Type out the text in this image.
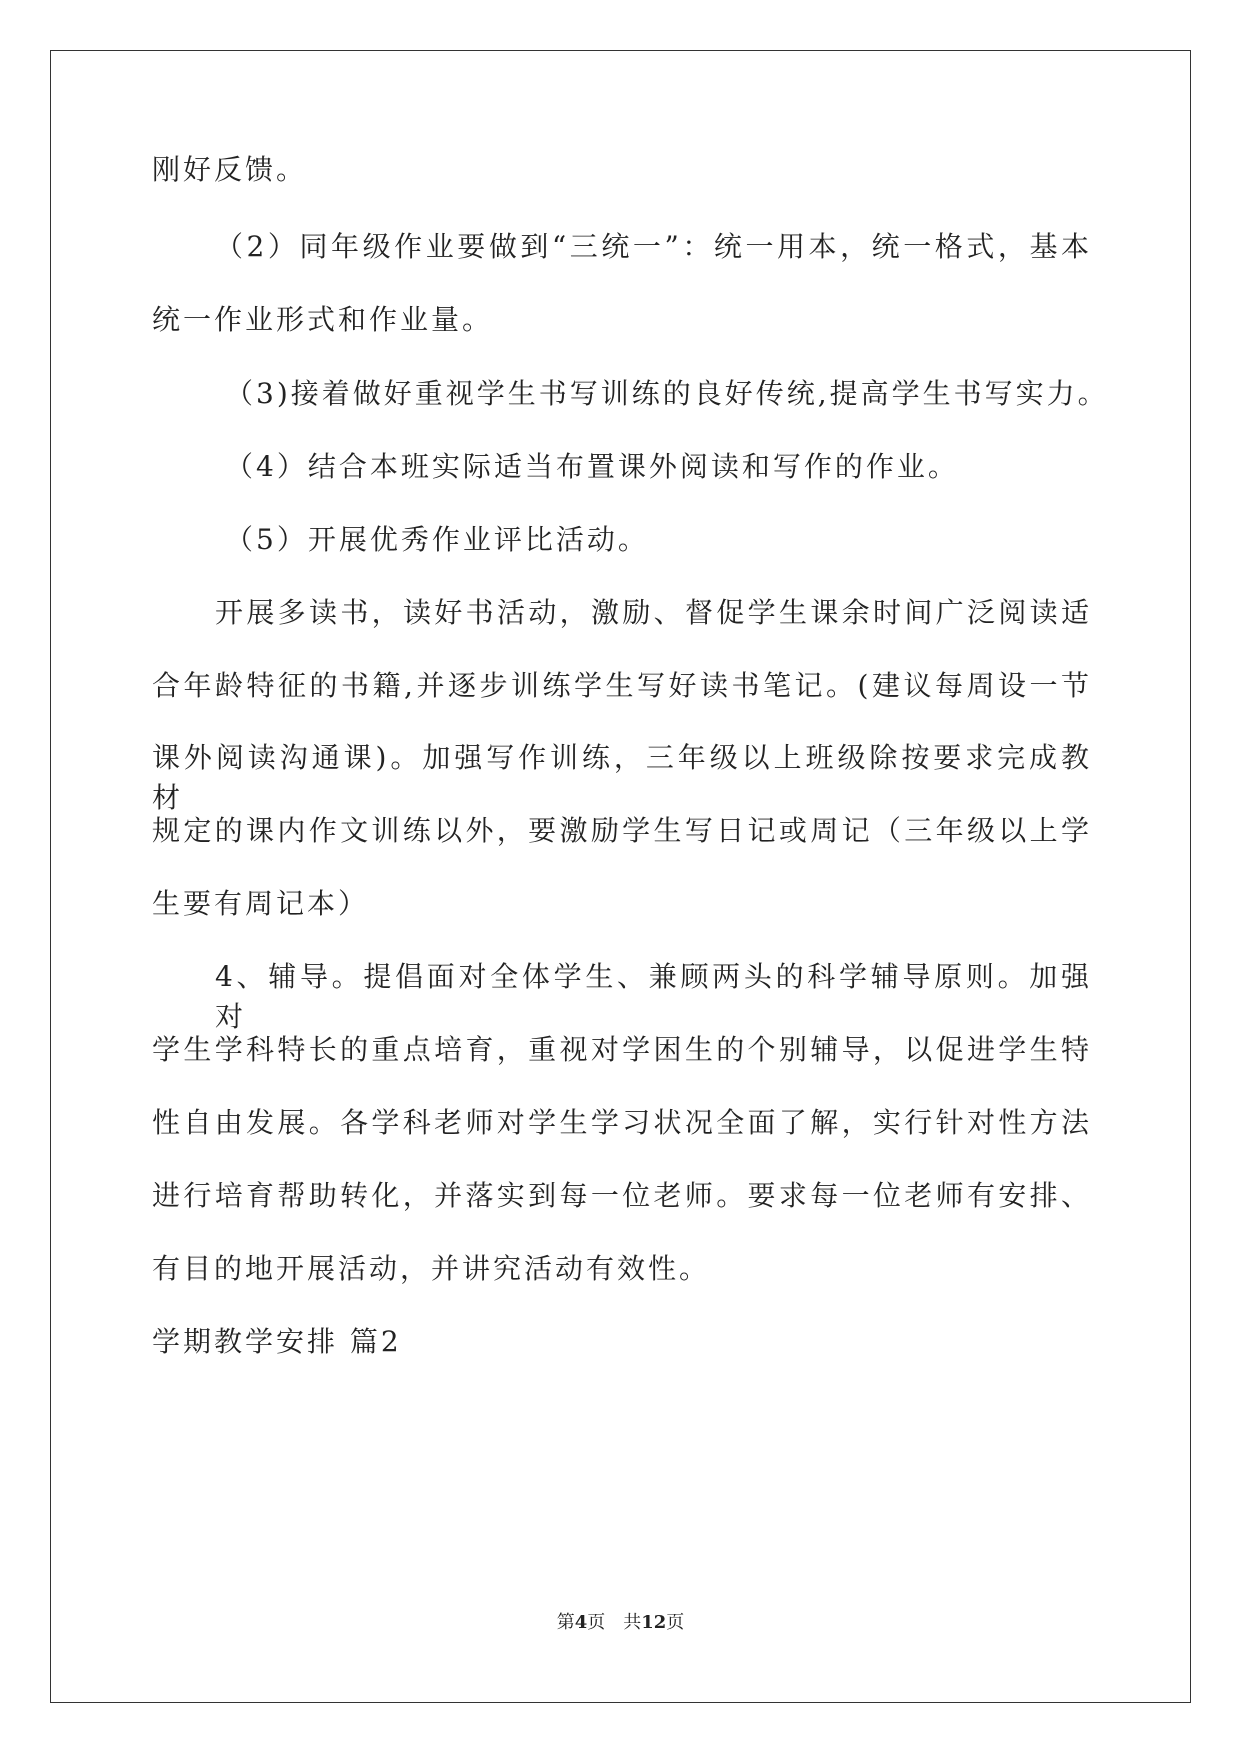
刚好反馈。
（2）同年级作业要做到“三统一”：统一用本，统一格式，基本
统一作业形式和作业量。
（3)接着做好重视学生书写训练的良好传统,提高学生书写实力。
（4）结合本班实际适当布置课外阅读和写作的作业。
（5）开展优秀作业评比活动。
开展多读书，读好书活动，激励、督促学生课余时间广泛阅读适
合年龄特征的书籍,并逐步训练学生写好读书笔记。(建议每周设一节
课外阅读沟通课)。加强写作训练，三年级以上班级除按要求完成教材
规定的课内作文训练以外，要激励学生写日记或周记（三年级以上学
生要有周记本）
4、辅导。提倡面对全体学生、兼顾两头的科学辅导原则。加强对
学生学科特长的重点培育，重视对学困生的个别辅导，以促进学生特
性自由发展。各学科老师对学生学习状况全面了解，实行针对性方法
进行培育帮助转化，并落实到每一位老师。要求每一位老师有安排、
有目的地开展活动，并讲究活动有效性。
学期教学安排 篇2
第4页 共12页
